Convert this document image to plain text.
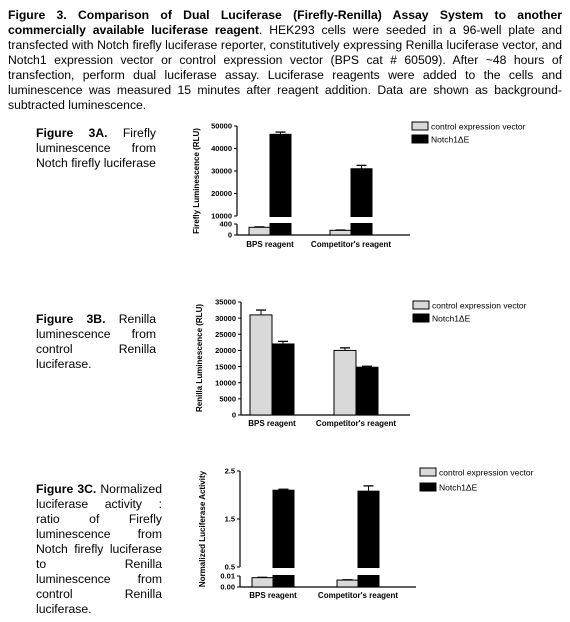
Figure 3. Comparison of Dual Luciferase (Firefly-Renilla) Assay System to another commercially available luciferase reagent. HEK293 cells were seeded in a 96-well plate and transfected with Notch firefly luciferase reporter, constitutively expressing Renilla luciferase vector, and Notch1 expression vector or control expression vector (BPS cat # 60509). After ~48 hours of transfection, perform dual luciferase assay. Luciferase reagents were added to the cells and luminescence was measured 15 minutes after reagent addition. Data are shown as background-subtracted luminescence.
Figure 3A. Firefly luminescence from Notch firefly luciferase
Figure 3B. Renilla luminescence from control Renilla luciferase.
Figure 3C. Normalized luciferase activity : ratio of Firefly luminescence from Notch firefly luciferase to Renilla luminescence from control Renilla luciferase.
0
400
10000
20000
30000
40000
50000
Firefly Luminescence (RLU)
BPS reagent Competitor's reagent
control expression vector
Notch1ΔE
0
5000
10000
15000
20000
25000
30000
35000
Renilla Luminescence (RLU)
BPS reagent	Competitor's reagent
control expression vector
Notch1ΔE
0.00
0.01
0.5
1.5
2.5
Normalized Luciferase Activity
BPS reagent	Competitor's reagent
control expression vector
Notch1ΔE
